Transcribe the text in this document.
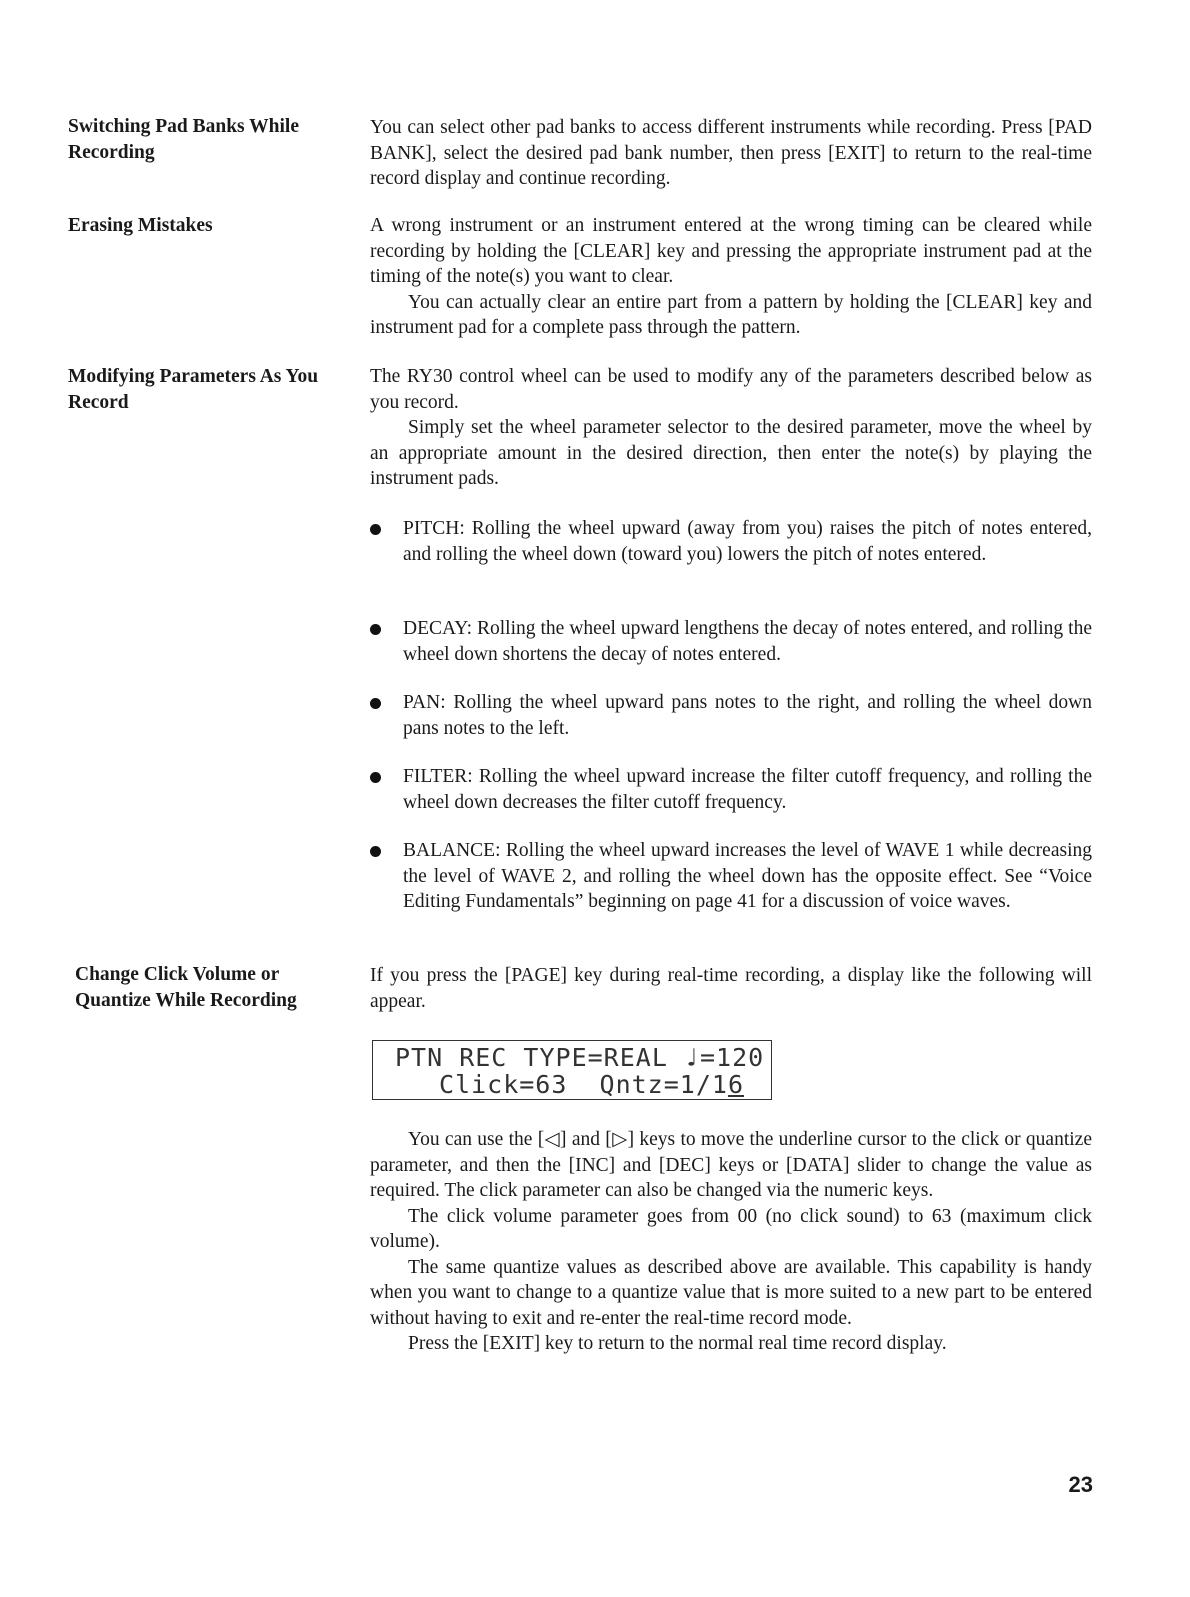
Switching Pad Banks While Recording

You can select other pad banks to access different instruments while recording. Press [PAD BANK], select the desired pad bank number, then press [EXIT] to return to the real-time record display and continue recording.

Erasing Mistakes	A wrong instrument or an instrument entered at the wrong timing can be cleared while recording by holding the [CLEAR] key and pressing the appropriate instrument pad at the timing of the note(s) you want to clear.

You can actually clear an entire part from a pattern by holding the [CLEAR] key and instrument pad for a complete pass through the pattern.

Modifying Parameters As You Record

The RY30 control wheel can be used to modify any of the parameters described below as you record.

Simply set the wheel parameter selector to the desired parameter, move the wheel by an appropriate amount in the desired direction, then enter the note(s) by playing the instrument pads.

PITCH: Rolling the wheel upward (away from you) raises the pitch of notes entered, and rolling the wheel down (toward you) lowers the pitch of notes entered.
DECAY: Rolling the wheel upward lengthens the decay of notes entered, and rolling the wheel down shortens the decay of notes entered.
PAN: Rolling the wheel upward pans notes to the right, and rolling the wheel down pans notes to the left.
FILTER: Rolling the wheel upward increase the filter cutoff frequency, and rolling the wheel down decreases the filter cutoff frequency.
BALANCE: Rolling the wheel upward increases the level of WAVE 1 while decreasing the level of WAVE 2, and rolling the wheel down has the opposite effect. See “Voice Editing Fundamentals” beginning on page 41 for a discussion of voice waves.
Change Click Volume or Quantize While Recording

If you press the [PAGE] key during real-time recording, a display like the following will appear.

PTN REC TYPE=REAL ♩=120
Click=63  Qntz=1/16

You can use the [◁] and [▷] keys to move the underline cursor to the click or quantize parameter, and then the [INC] and [DEC] keys or [DATA] slider to change the value as required. The click parameter can also be changed via the numeric keys.

The click volume parameter goes from 00 (no click sound) to 63 (maximum click volume).

The same quantize values as described above are available. This capability is handy when you want to change to a quantize value that is more suited to a new part to be entered without having to exit and re-enter the real-time record mode.

Press the [EXIT] key to return to the normal real time record display.

23
